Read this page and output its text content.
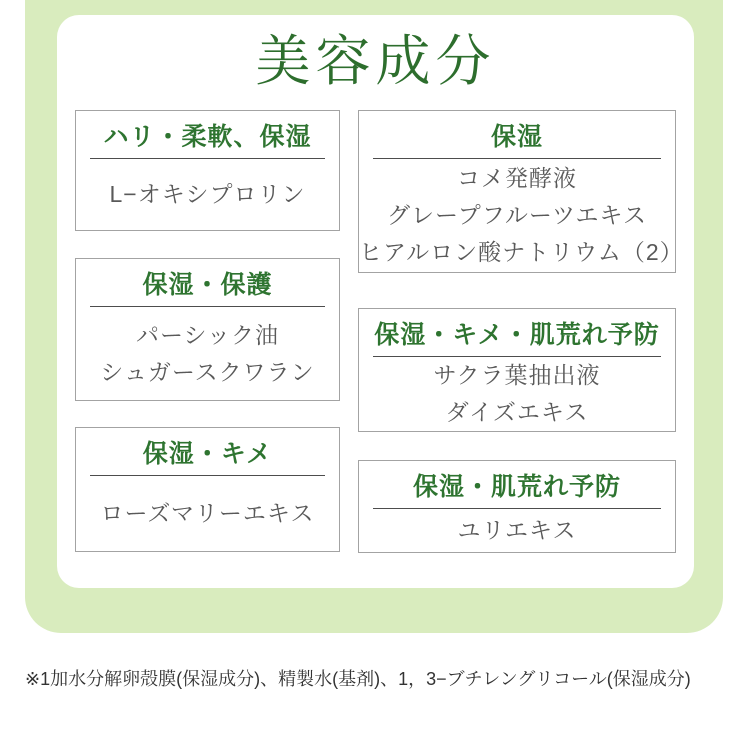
美容成分
ハリ・柔軟、保湿
L−オキシプロリン
保湿・保護
パーシック油
シュガースクワラン
保湿・キメ
ローズマリーエキス
保湿
コメ発酵液
グレープフルーツエキス
ヒアルロン酸ナトリウム（2）
保湿・キメ・肌荒れ予防
サクラ葉抽出液
ダイズエキス
保湿・肌荒れ予防
ユリエキス
※1加水分解卵殻膜(保湿成分)、精製水(基剤)、1，3−ブチレングリコール(保湿成分)
